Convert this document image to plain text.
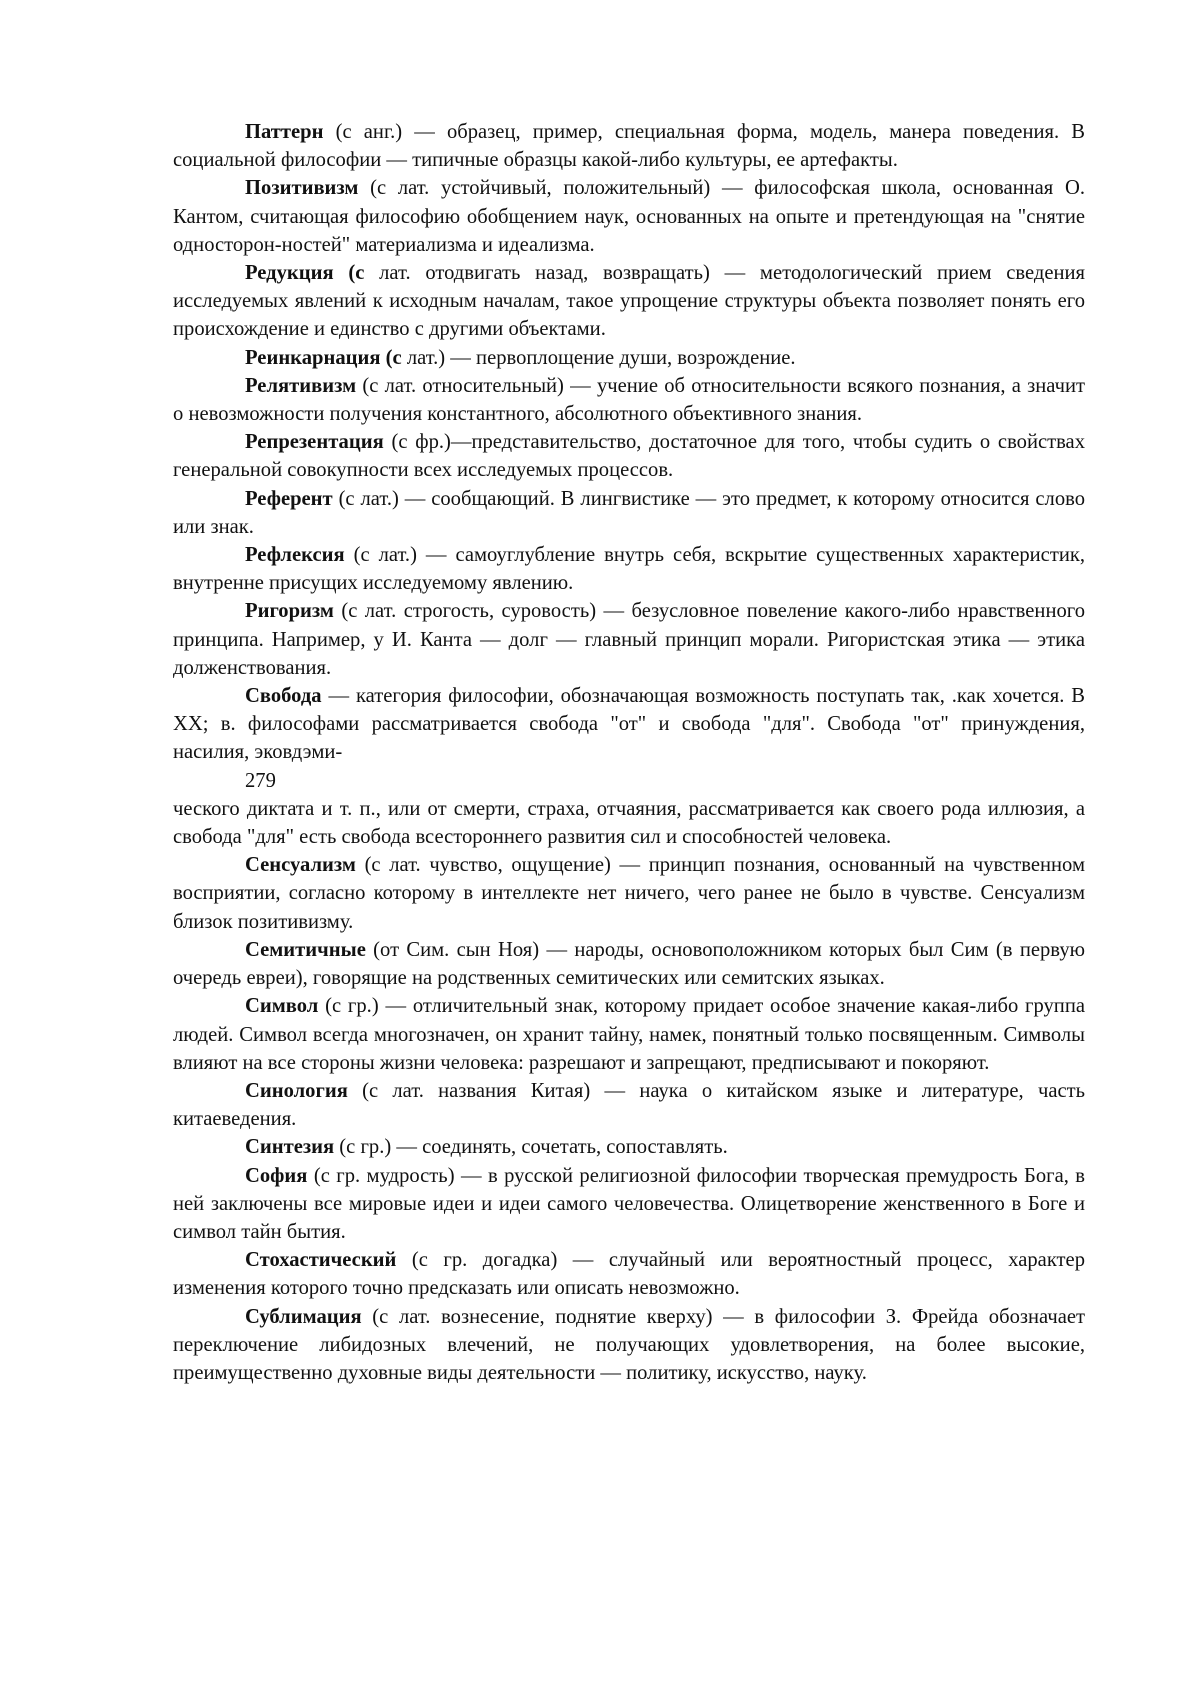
Паттерн (с анг.) — образец, пример, специальная форма, модель, манера поведения. В социальной философии — типичные образцы какой-либо культуры, ее артефакты.

Позитивизм (с лат. устойчивый, положительный) — философская школа, основанная О. Кантом, считающая философию обобщением наук, основанных на опыте и претендующая на "снятие односторон-ностей" материализма и идеализма.

Редукция (с лат. отодвигать назад, возвращать) — методологический прием сведения исследуемых явлений к исходным началам, такое упрощение структуры объекта позволяет понять его происхождение и единство с другими объектами.

Реинкарнация (с лат.) — первоплощение души, возрождение.

Релятивизм (с лат. относительный) — учение об относительности всякого познания, а значит о невозможности получения константного, абсолютного объективного знания.

Репрезентация (с фр.)—представительство, достаточное для того, чтобы судить о свойствах генеральной совокупности всех исследуемых процессов.

Референт (с лат.) — сообщающий. В лингвистике — это предмет, к которому относится слово или знак.

Рефлексия (с лат.) — самоуглубление внутрь себя, вскрытие существенных характеристик, внутренне присущих исследуемому явлению.

Ригоризм (с лат. строгость, суровость) — безусловное повеление какого-либо нравственного принципа. Например, у И. Канта — долг — главный принцип морали. Ригористская этика — этика долженствования.

Свобода — категория философии, обозначающая возможность поступать так, .как хочется. В XX; в. философами рассматривается свобода "от" и свобода "для". Свобода "от" принуждения, насилия, эковдэми-

279

ческого диктата и т. п., или от смерти, страха, отчаяния, рассматривается как своего рода иллюзия, а свобода "для" есть свобода всестороннего развития сил и способностей человека.

Сенсуализм (с лат. чувство, ощущение) — принцип познания, основанный на чувственном восприятии, согласно которому в интеллекте нет ничего, чего ранее не было в чувстве. Сенсуализм близок позитивизму.

Семитичные (от Сим. сын Ноя) — народы, основоположником которых был Сим (в первую очередь евреи), говорящие на родственных семитических или семитских языках.

Символ (с гр.) — отличительный знак, которому придает особое значение какая-либо группа людей. Символ всегда многозначен, он хранит тайну, намек, понятный только посвященным. Символы влияют на все стороны жизни человека: разрешают и запрещают, предписывают и покоряют.

Синология (с лат. названия Китая) — наука о китайском языке и литературе, часть китаеведения.

Синтезия (с гр.) — соединять, сочетать, сопоставлять.

София (с гр. мудрость) — в русской религиозной философии творческая премудрость Бога, в ней заключены все мировые идеи и идеи самого человечества. Олицетворение женственного в Боге и символ тайн бытия.

Стохастический (с гр. догадка) — случайный или вероятностный процесс, характер изменения которого точно предсказать или описать невозможно.

Сублимация (с лат. вознесение, поднятие кверху) — в философии З. Фрейда обозначает переключение либидозных влечений, не получающих удовлетворения, на более высокие, преимущественно духовные виды деятельности — политику, искусство, науку.
